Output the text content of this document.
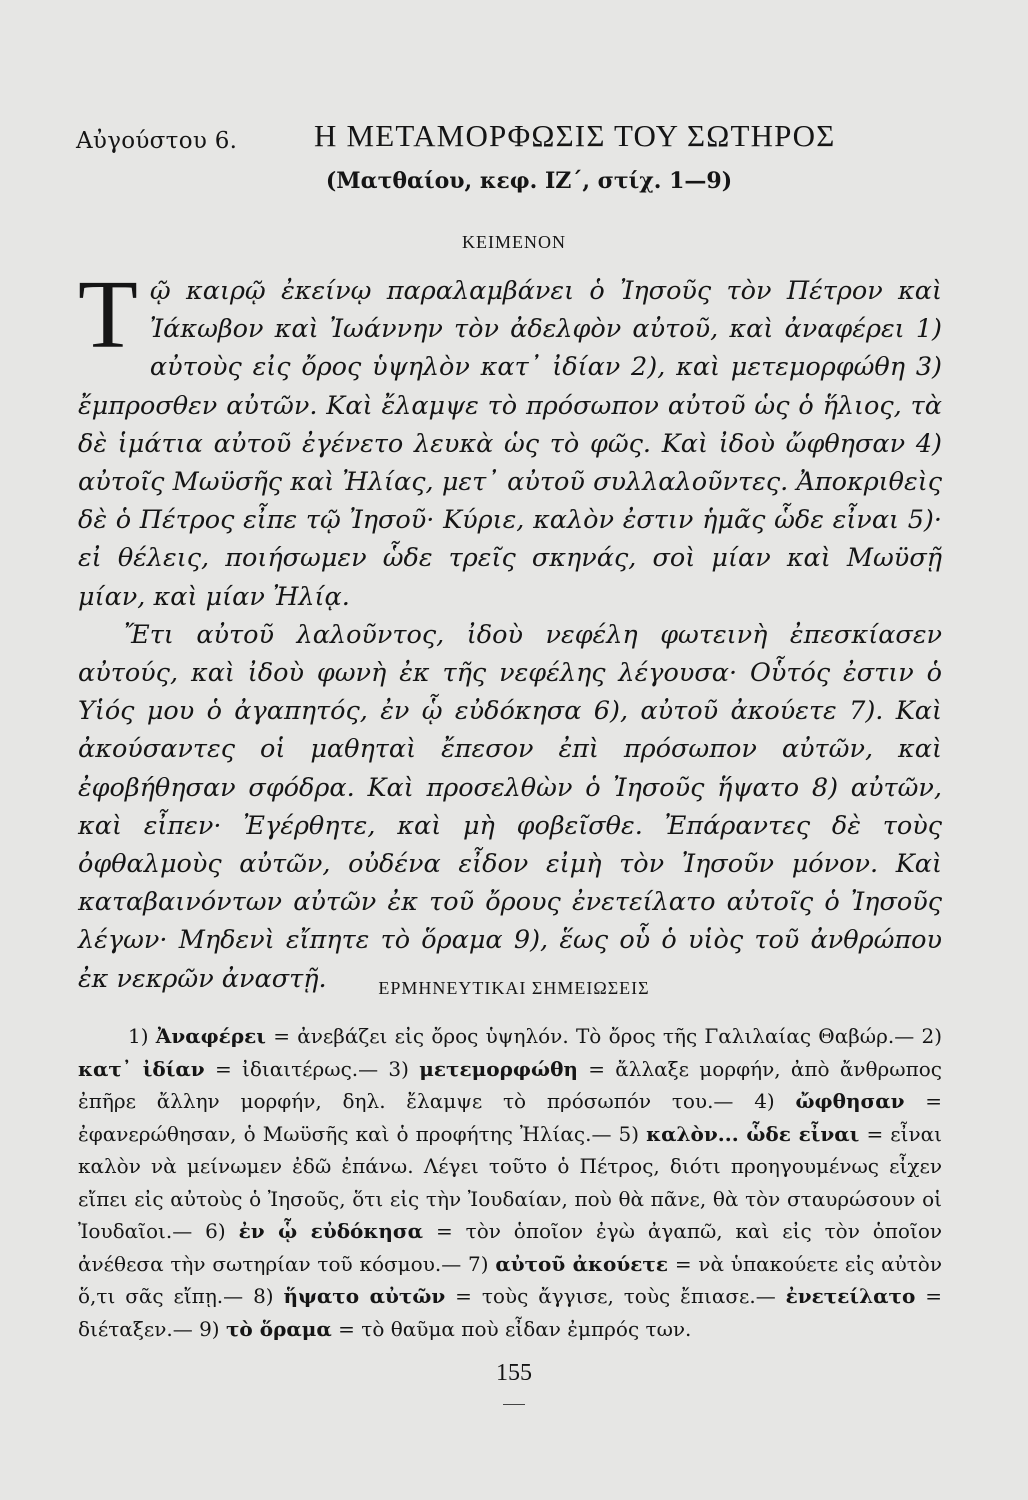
Αὐγούστου 6. Η ΜΕΤΑΜΟΡΦΩΣΙΣ ΤΟΥ ΣΩΤΗΡΟΣ
(Ματθαίου, κεφ. ΙΖ΄, στίχ. 1—9)
ΚΕΙΜΕΝΟΝ

Τῷ καιρῷ ἐκείνῳ παραλαμβάνει ὁ Ἰησοῦς τὸν Πέτρον καὶ Ἰάκωβον καὶ Ἰωάννην τὸν ἀδελφὸν αὐτοῦ, καὶ ἀναφέρει 1) αὐτοὺς εἰς ὄρος ὑψηλὸν κατ᾽ ἰδίαν 2), καὶ μετεμορφώθη 3) ἔμπροσθεν αὐτῶν. Καὶ ἔλαμψε τὸ πρόσωπον αὐτοῦ ὡς ὁ ἥλιος, τὰ δὲ ἱμάτια αὐτοῦ ἐγένετο λευκὰ ὡς τὸ φῶς. Καὶ ἰδοὺ ὤφθησαν 4) αὐτοῖς Μωϋσῆς καὶ Ἠλίας, μετ᾽ αὐτοῦ συλλαλοῦντες. Ἀποκριθεὶς δὲ ὁ Πέτρος εἶπε τῷ Ἰησοῦ· Κύριε, καλὸν ἐστιν ἡμᾶς ὧδε εἶναι 5)· εἰ θέλεις, ποιήσωμεν ὧδε τρεῖς σκηνάς, σοὶ μίαν καὶ Μωϋσῇ μίαν, καὶ μίαν Ἠλίᾳ.

Ἔτι αὐτοῦ λαλοῦντος, ἰδοὺ νεφέλη φωτεινὴ ἐπεσκίασεν αὐτούς, καὶ ἰδοὺ φωνὴ ἐκ τῆς νεφέλης λέγουσα· Οὗτός ἐστιν ὁ Υἱός μου ὁ ἀγαπητός, ἐν ᾧ εὐδόκησα 6), αὐτοῦ ἀκούετε 7). Καὶ ἀκούσαντες οἱ μαθηταὶ ἔπεσον ἐπὶ πρόσωπον αὐτῶν, καὶ ἐφοβήθησαν σφόδρα. Καὶ προσελθὼν ὁ Ἰησοῦς ἥψατο 8) αὐτῶν, καὶ εἶπεν· Ἐγέρθητε, καὶ μὴ φοβεῖσθε. Ἐπάραντες δὲ τοὺς ὀφθαλμοὺς αὐτῶν, οὐδένα εἶδον εἰμὴ τὸν Ἰησοῦν μόνον. Καὶ καταβαινόντων αὐτῶν ἐκ τοῦ ὄρους ἐνετείλατο αὐτοῖς ὁ Ἰησοῦς λέγων· Μηδενὶ εἴπητε τὸ ὅραμα 9), ἕως οὗ ὁ υἱὸς τοῦ ἀνθρώπου ἐκ νεκρῶν ἀναστῇ.	ΕΡΜΗΝΕΥΤΙΚΑΙ ΣΗΜΕΙΩΣΕΙΣ

1) Ἀναφέρει = ἀνεβάζει εἰς ὄρος ὑψηλόν. Τὸ ὄρος τῆς Γαλιλαίας Θαβώρ.— 2) κατ᾽ ἰδίαν = ἰδιαιτέρως.— 3) μετεμορφώθη = ἄλλαξε μορφήν, ἀπὸ ἄνθρωπος ἐπῆρε ἄλλην μορφήν, δηλ. ἔλαμψε τὸ πρόσωπόν του.— 4) ὤφθησαν = ἐφανερώθησαν, ὁ Μωϋσῆς καὶ ὁ προφήτης Ἠλίας.— 5) καλὸν... ὧδε εἶναι = εἶναι καλὸν νὰ μείνωμεν ἐδῶ ἐπάνω. Λέγει τοῦτο ὁ Πέτρος, διότι προηγουμένως εἶχεν εἴπει εἰς αὐτοὺς ὁ Ἰησοῦς, ὅτι εἰς τὴν Ἰουδαίαν, ποὺ θὰ πᾶνε, θὰ τὸν σταυρώσουν οἱ Ἰουδαῖοι.— 6) ἐν ᾧ εὐδόκησα = τὸν ὁποῖον ἐγὼ ἀγαπῶ, καὶ εἰς τὸν ὁποῖον ἀνέθεσα τὴν σωτηρίαν τοῦ κόσμου.— 7) αὐτοῦ ἀκούετε = νὰ ὑπακούετε εἰς αὐτὸν ὅ,τι σᾶς εἴπῃ.— 8) ἥψατο αὐτῶν = τοὺς ἄγγισε, τοὺς ἔπιασε.— ἐνετείλατο = διέταξεν.— 9) τὸ ὅραμα = τὸ θαῦμα ποὺ εἶδαν ἐμπρός των.

155
